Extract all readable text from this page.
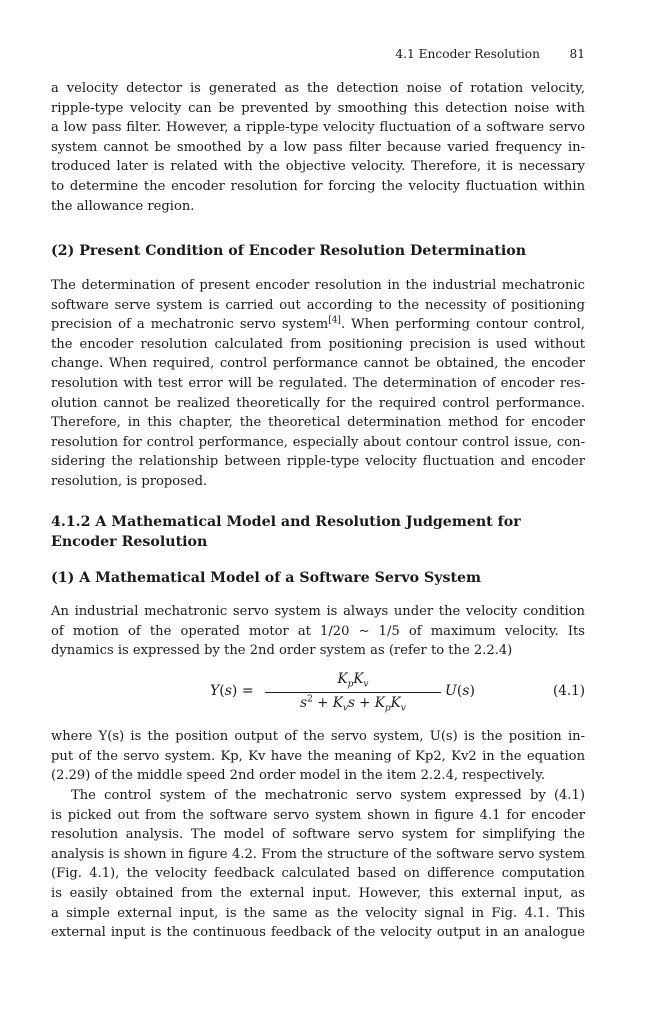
4.1 Encoder Resolution 81

a velocity detector is generated as the detection noise of rotation velocity,
ripple-type velocity can be prevented by smoothing this detection noise with
a low pass filter. However, a ripple-type velocity fluctuation of a software servo
system cannot be smoothed by a low pass filter because varied frequency in-
troduced later is related with the objective velocity. Therefore, it is necessary
to determine the encoder resolution for forcing the velocity fluctuation within
the allowance region.

(2) Present Condition of Encoder Resolution Determination

The determination of present encoder resolution in the industrial mechatronic
software serve system is carried out according to the necessity of positioning
precision of a mechatronic servo system[4]. When performing contour control,
the encoder resolution calculated from positioning precision is used without
change. When required, control performance cannot be obtained, the encoder
resolution with test error will be regulated. The determination of encoder res-
olution cannot be realized theoretically for the required control performance.
Therefore, in this chapter, the theoretical determination method for encoder
resolution for control performance, especially about contour control issue, con-
sidering the relationship between ripple-type velocity fluctuation and encoder
resolution, is proposed.

4.1.2 A Mathematical Model and Resolution Judgement for
Encoder Resolution
(1) A Mathematical Model of a Software Servo System

An industrial mechatronic servo system is always under the velocity condition
of motion of the operated motor at 1/20 ∼ 1/5 of maximum velocity. Its
dynamics is expressed by the 2nd order system as (refer to the 2.2.4)

Y(s) =
$K_pK_v$
$s^2 + K_vs + K_pK_v$
U(s)	(4.1)

where Y(s) is the position output of the servo system, U(s) is the position in-
put of the servo system. Kp, Kv have the meaning of Kp2, Kv2 in the equation
(2.29) of the middle speed 2nd order model in the item 2.2.4, respectively.

The control system of the mechatronic servo system expressed by (4.1)
is picked out from the software servo system shown in figure 4.1 for encoder
resolution analysis. The model of software servo system for simplifying the
analysis is shown in figure 4.2. From the structure of the software servo system
(Fig. 4.1), the velocity feedback calculated based on difference computation
is easily obtained from the external input. However, this external input, as
a simple external input, is the same as the velocity signal in Fig. 4.1. This
external input is the continuous feedback of the velocity output in an analogue
